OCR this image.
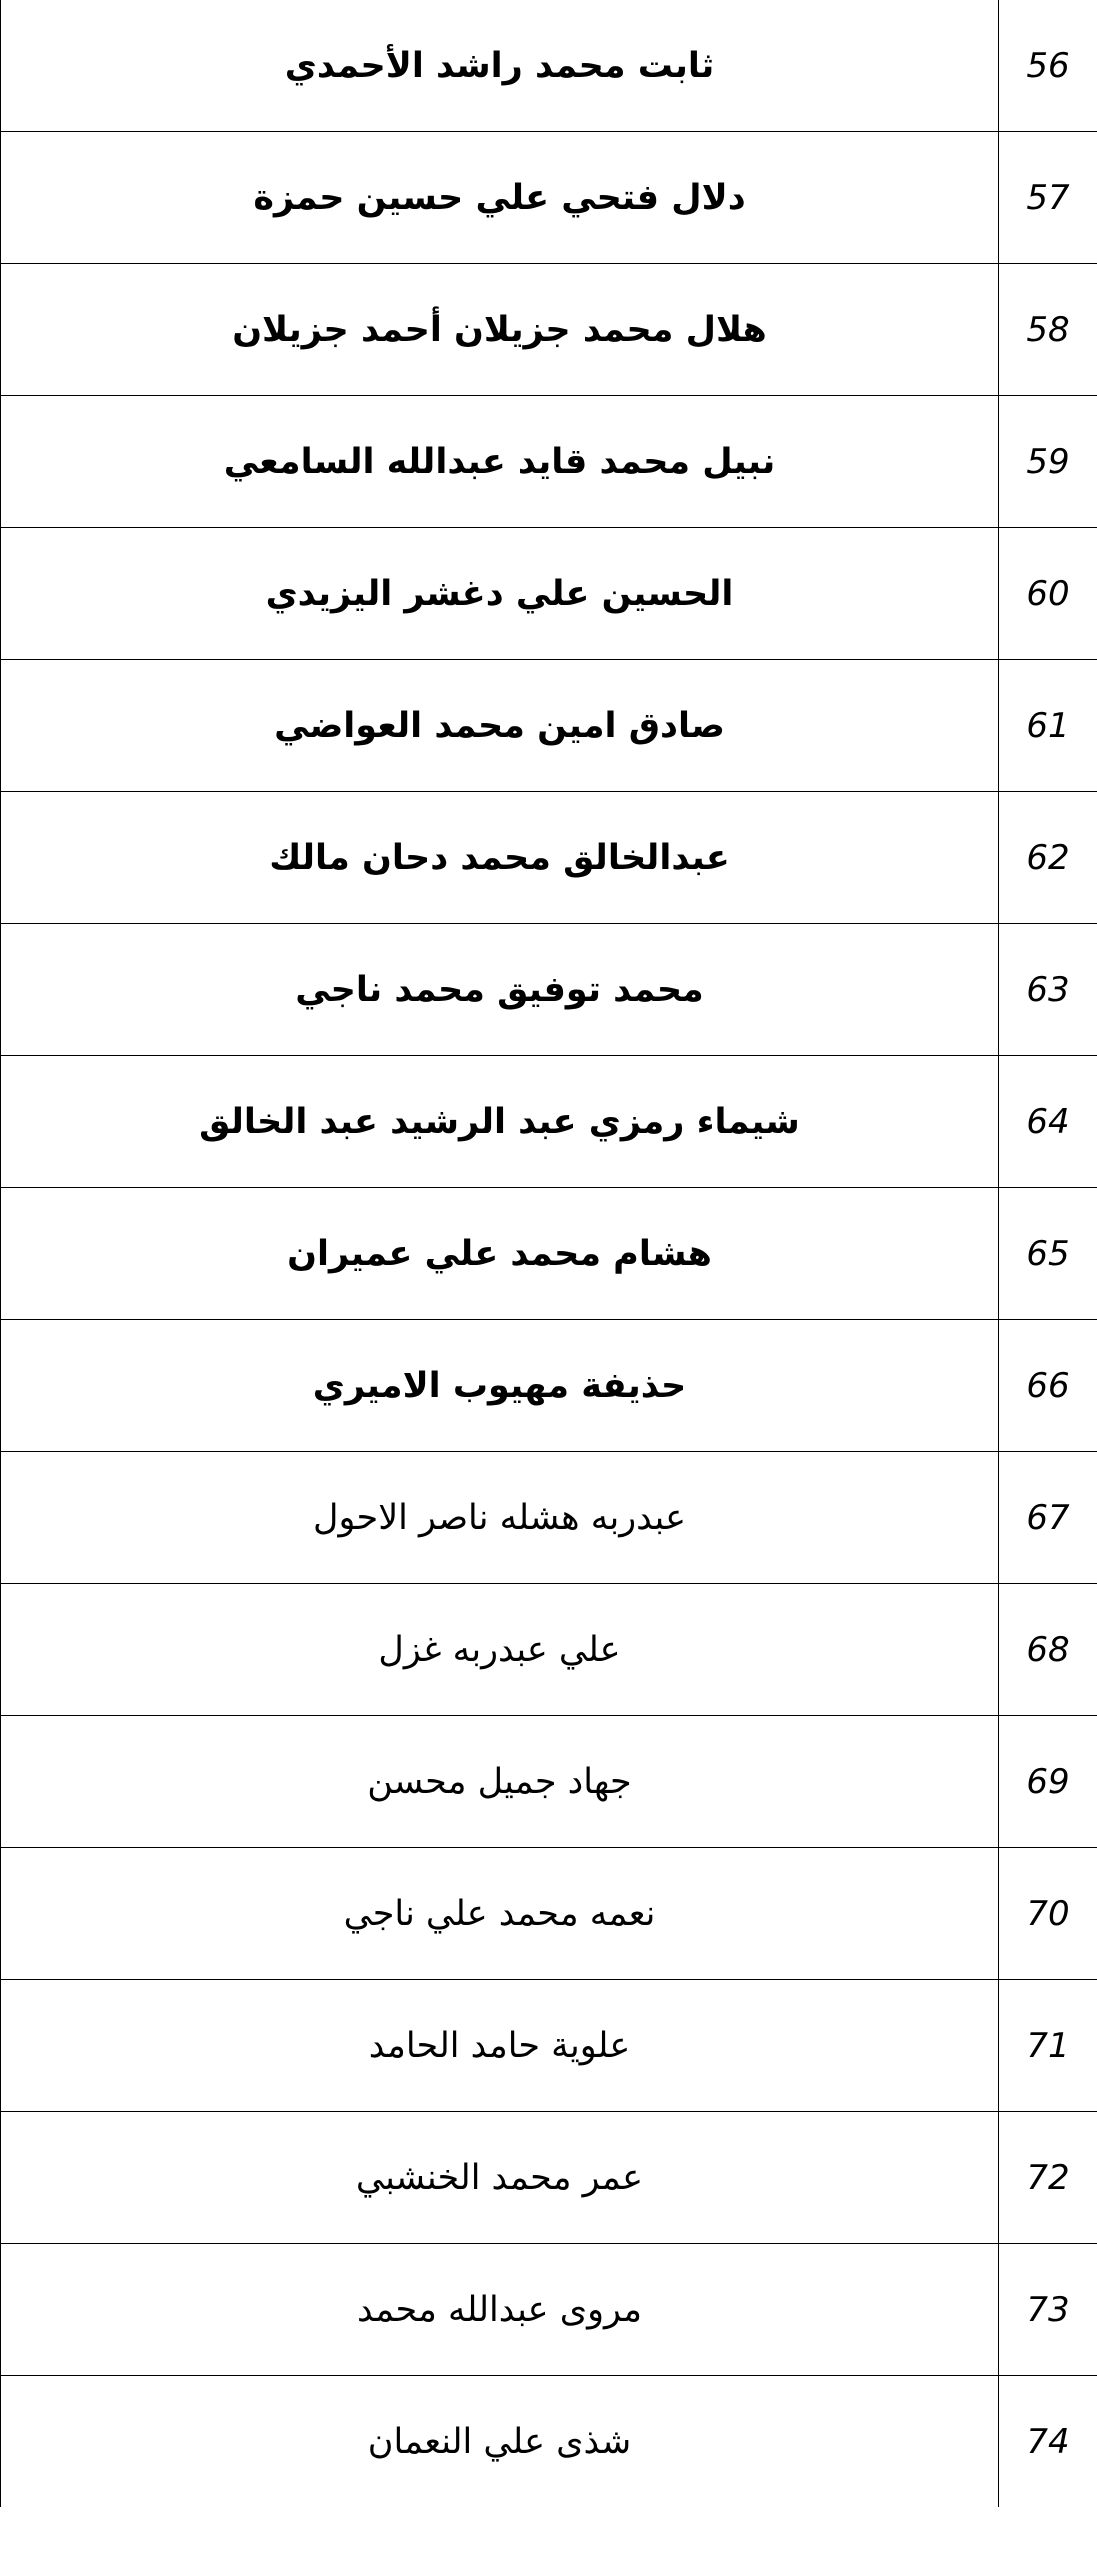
ثابت محمد راشد الأحمدي	56
دلال فتحي علي حسين حمزة	57
هلال محمد جزيلان أحمد جزيلان	58
نبيل محمد قايد عبدالله السامعي	59
الحسين علي دغشر اليزيدي	60
صادق امين محمد العواضي	61
عبدالخالق محمد دحان مالك	62
محمد توفيق محمد ناجي	63
شيماء رمزي عبد الرشيد عبد الخالق	64
هشام محمد علي عميران	65
حذيفة مهيوب الاميري	66
عبدربه هشله ناصر الاحول	67
علي عبدربه غزل	68
جهاد جميل محسن	69
نعمه محمد علي ناجي	70
علوية حامد الحامد	71
عمر محمد الخنشبي	72
مروى عبدالله محمد	73
شذى علي النعمان	74
